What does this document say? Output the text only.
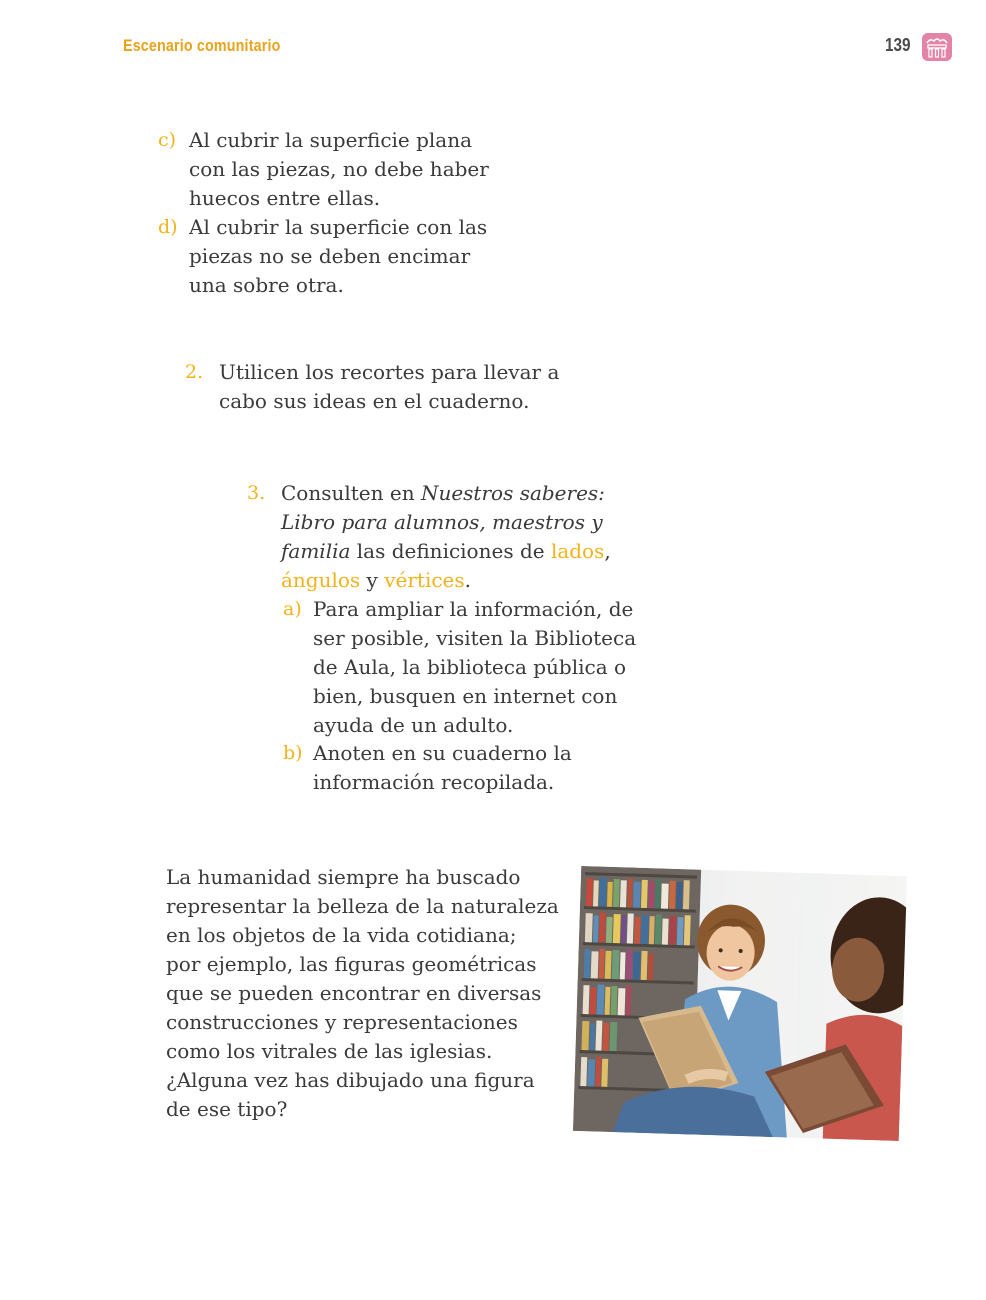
Escenario comunitario	139
c) Al cubrir la superficie plana
con las piezas, no debe haber
huecos entre ellas.
d) Al cubrir la superficie con las
piezas no se deben encimar
una sobre otra.
2. Utilicen los recortes para llevar a
cabo sus ideas en el cuaderno.
3. Consulten en Nuestros saberes:
Libro para alumnos, maestros y
familia las definiciones de lados,
ángulos y vértices.
a) Para ampliar la información, de
ser posible, visiten la Biblioteca
de Aula, la biblioteca pública o
bien, busquen en internet con
ayuda de un adulto.
b) Anoten en su cuaderno la
información recopilada.
La humanidad siempre ha buscado
representar la belleza de la naturaleza
en los objetos de la vida cotidiana;
por ejemplo, las figuras geométricas
que se pueden encontrar en diversas
construcciones y representaciones
como los vitrales de las iglesias.
¿Alguna vez has dibujado una figura
de ese tipo?
